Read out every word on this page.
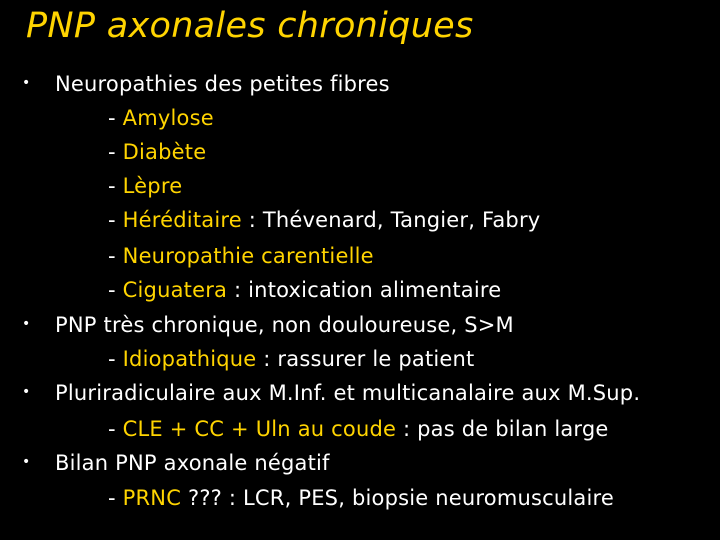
PNP axonales chroniques
• Neuropathies des petites fibres
- Amylose
- Diabète
- Lèpre
- Héréditaire : Thévenard, Tangier, Fabry
- Neuropathie carentielle
- Ciguatera : intoxication alimentaire
• PNP très chronique, non douloureuse, S>M
- Idiopathique : rassurer le patient
• Pluriradiculaire aux M.Inf. et multicanalaire aux M.Sup.
- CLE + CC + Uln au coude : pas de bilan large
• Bilan PNP axonale négatif
- PRNC ??? : LCR, PES, biopsie neuromusculaire
